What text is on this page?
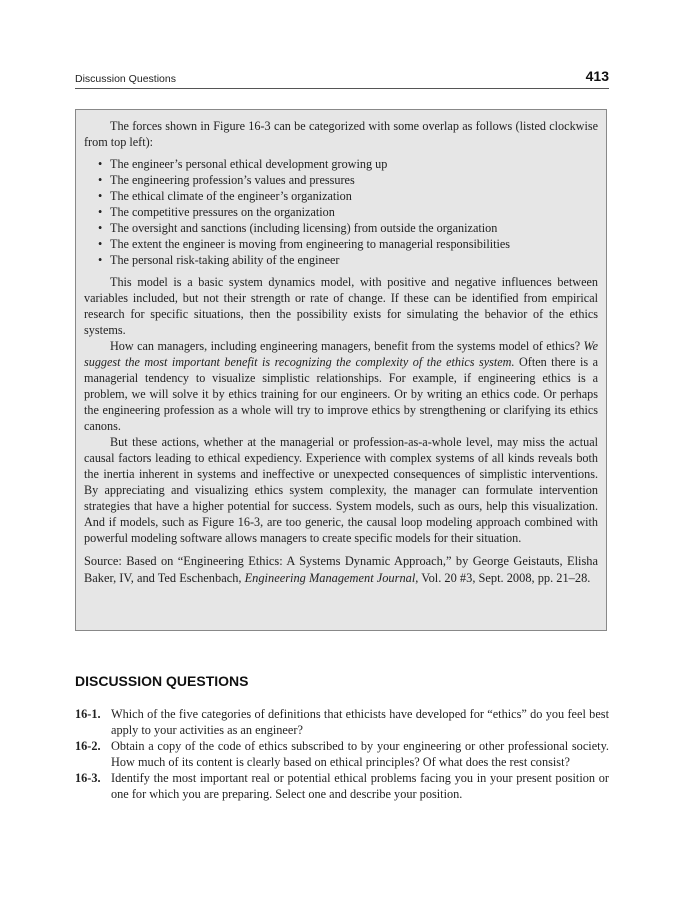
Discussion Questions	413

The forces shown in Figure 16-3 can be categorized with some overlap as follows (listed clockwise from top left):

• The engineer’s personal ethical development growing up
• The engineering profession’s values and pressures
• The ethical climate of the engineer’s organization
• The competitive pressures on the organization
• The oversight and sanctions (including licensing) from outside the organization
• The extent the engineer is moving from engineering to managerial responsibilities
• The personal risk-taking ability of the engineer

This model is a basic system dynamics model, with positive and negative influences between variables included, but not their strength or rate of change. If these can be identified from empirical research for specific situations, then the possibility exists for simulating the behavior of the ethics systems.

How can managers, including engineering managers, benefit from the systems model of ethics? We suggest the most important benefit is recognizing the complexity of the ethics system. Often there is a managerial tendency to visualize simplistic relationships. For example, if engineering ethics is a problem, we will solve it by ethics training for our engineers. Or by writing an ethics code. Or perhaps the engineering profession as a whole will try to improve ethics by strengthening or clarifying its ethics canons.

But these actions, whether at the managerial or profession-as-a-whole level, may miss the actual causal factors leading to ethical expediency. Experience with complex systems of all kinds reveals both the inertia inherent in systems and ineffective or unexpected consequences of simplistic interventions. By appreciating and visualizing ethics system complexity, the manager can formulate intervention strategies that have a higher potential for success. System models, such as ours, help this visualization. And if models, such as Figure 16-3, are too generic, the causal loop modeling approach combined with powerful modeling software allows managers to create specific models for their situation.

Source: Based on “Engineering Ethics: A Systems Dynamic Approach,” by George Geistauts, Elisha Baker, IV, and Ted Eschenbach, Engineering Management Journal, Vol. 20 #3, Sept. 2008, pp. 21–28.

DISCUSSION QUESTIONS
16-1. Which of the five categories of definitions that ethicists have developed for “ethics” do you feel best apply to your activities as an engineer?
16-2. Obtain a copy of the code of ethics subscribed to by your engineering or other professional society. How much of its content is clearly based on ethical principles? Of what does the rest consist?
16-3. Identify the most important real or potential ethical problems facing you in your present position or one for which you are preparing. Select one and describe your position.
